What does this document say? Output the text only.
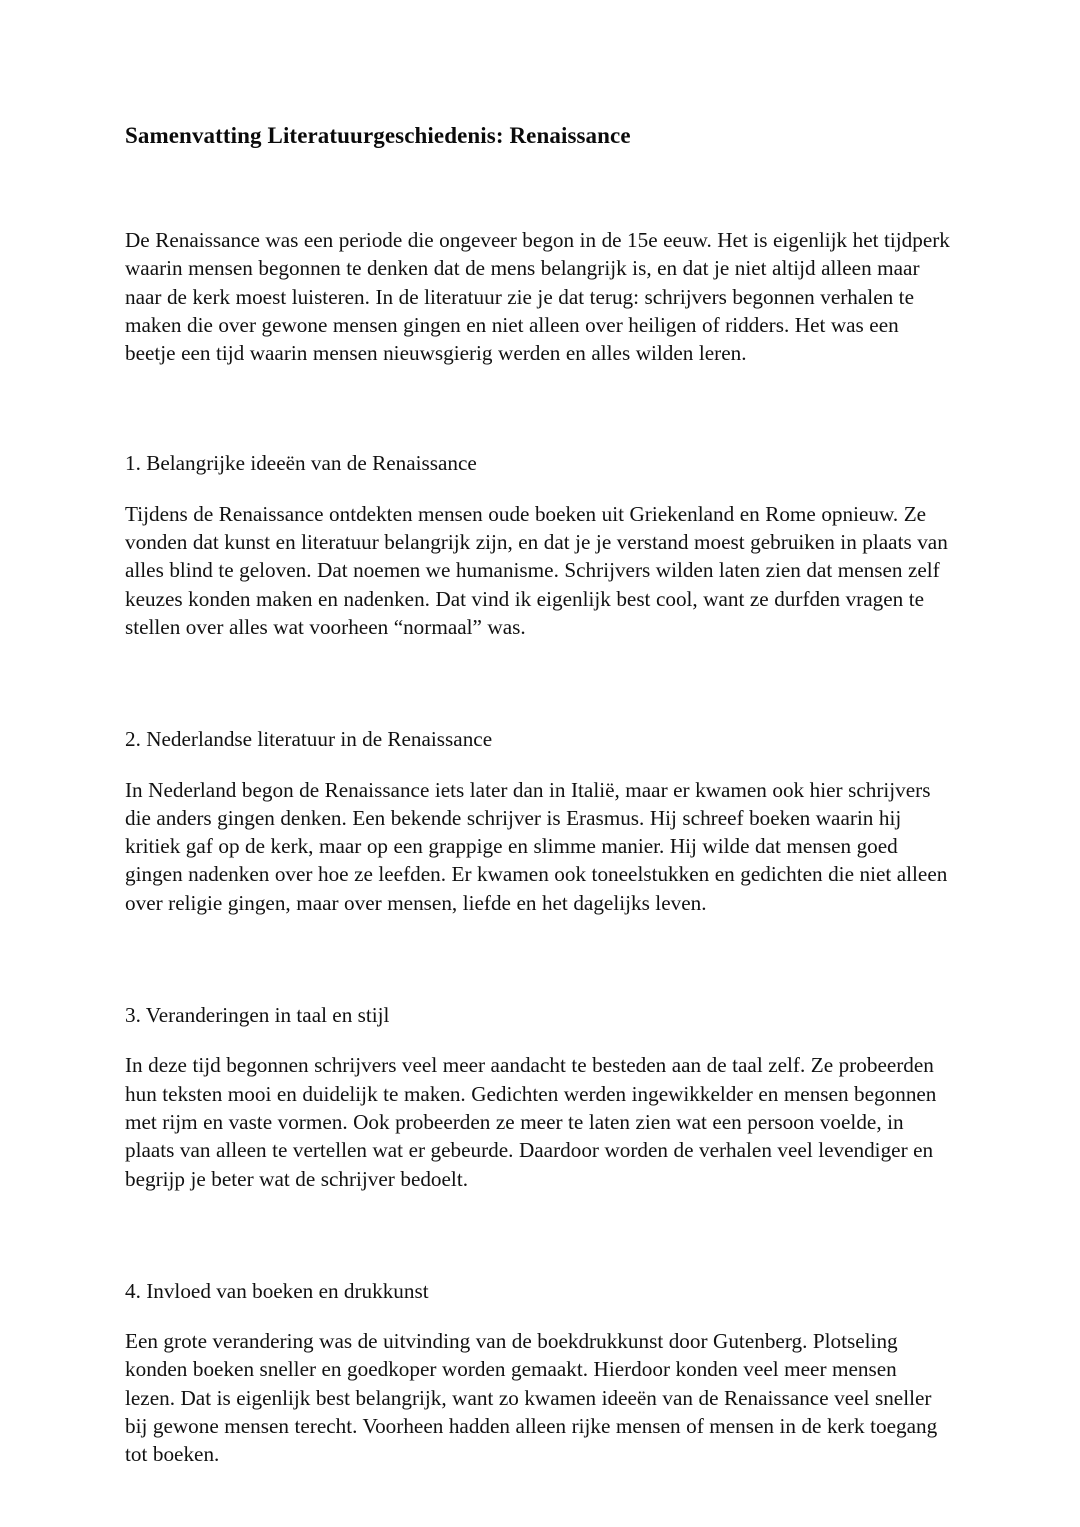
Samenvatting Literatuurgeschiedenis: Renaissance

De Renaissance was een periode die ongeveer begon in de 15e eeuw. Het is eigenlijk het tijdperk waarin mensen begonnen te denken dat de mens belangrijk is, en dat je niet altijd alleen maar naar de kerk moest luisteren. In de literatuur zie je dat terug: schrijvers begonnen verhalen te maken die over gewone mensen gingen en niet alleen over heiligen of ridders. Het was een beetje een tijd waarin mensen nieuwsgierig werden en alles wilden leren.

1. Belangrijke ideeën van de Renaissance

Tijdens de Renaissance ontdekten mensen oude boeken uit Griekenland en Rome opnieuw. Ze vonden dat kunst en literatuur belangrijk zijn, en dat je je verstand moest gebruiken in plaats van alles blind te geloven. Dat noemen we humanisme. Schrijvers wilden laten zien dat mensen zelf keuzes konden maken en nadenken. Dat vind ik eigenlijk best cool, want ze durfden vragen te stellen over alles wat voorheen “normaal” was.

2. Nederlandse literatuur in de Renaissance

In Nederland begon de Renaissance iets later dan in Italië, maar er kwamen ook hier schrijvers die anders gingen denken. Een bekende schrijver is Erasmus. Hij schreef boeken waarin hij kritiek gaf op de kerk, maar op een grappige en slimme manier. Hij wilde dat mensen goed gingen nadenken over hoe ze leefden. Er kwamen ook toneelstukken en gedichten die niet alleen over religie gingen, maar over mensen, liefde en het dagelijks leven.

3. Veranderingen in taal en stijl

In deze tijd begonnen schrijvers veel meer aandacht te besteden aan de taal zelf. Ze probeerden hun teksten mooi en duidelijk te maken. Gedichten werden ingewikkelder en mensen begonnen met rijm en vaste vormen. Ook probeerden ze meer te laten zien wat een persoon voelde, in plaats van alleen te vertellen wat er gebeurde. Daardoor worden de verhalen veel levendiger en begrijp je beter wat de schrijver bedoelt.

4. Invloed van boeken en drukkunst

Een grote verandering was de uitvinding van de boekdrukkunst door Gutenberg. Plotseling konden boeken sneller en goedkoper worden gemaakt. Hierdoor konden veel meer mensen lezen. Dat is eigenlijk best belangrijk, want zo kwamen ideeën van de Renaissance veel sneller bij gewone mensen terecht. Voorheen hadden alleen rijke mensen of mensen in de kerk toegang tot boeken.
